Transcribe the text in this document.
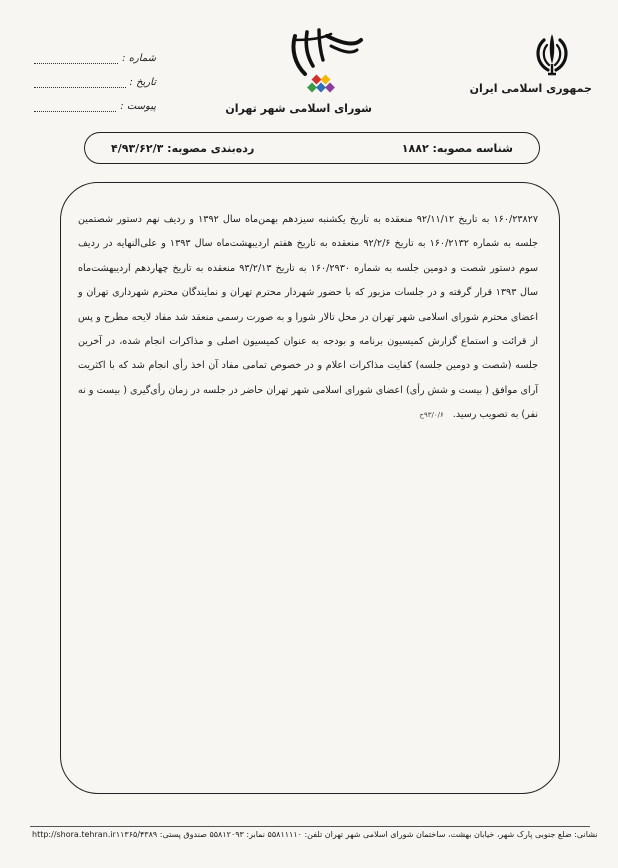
جمهوری اسلامی ایران
شورای اسلامی شهر تهران
شماره :
تاریخ :
پیوست :
شناسه مصوبه: ۱۸۸۲
رده‌بندی مصوبه: ۴/۹۳/۶۲/۳
۱۶۰/۲۳۸۲۷ به تاریخ ۹۲/۱۱/۱۲ منعقده به تاریخ یکشنبه سیزدهم بهمن‌ماه سال ۱۳۹۲ و ردیف نهم دستور شصتمین جلسه به شماره ۱۶۰/۲۱۳۲ به تاریخ ۹۲/۲/۶ منعقده به تاریخ هفتم اردیبهشت‌ماه سال ۱۳۹۳ و علی‌النهایه در ردیف سوم دستور شصت و دومین جلسه به شماره ۱۶۰/۲۹۳۰ به تاریخ ۹۳/۲/۱۳ منعقده به تاریخ چهاردهم اردیبهشت‌ماه سال ۱۳۹۳ قرار گرفته و در جلسات مزبور که با حضور شهردار محترم تهران و نمایندگان محترم شهرداری تهران و اعضای محترم شورای اسلامی شهر تهران در محل تالار شورا و به صورت رسمی منعقد شد مفاد لایحه مطرح و پس از قرائت و استماع گزارش کمیسیون برنامه و بودجه به عنوان کمیسیون اصلی و مذاکرات انجام شده، در آخرین جلسه (شصت و دومین جلسه) کفایت مذاکرات اعلام و در خصوص تمامی مفاد آن اخذ رأی انجام شد که با اکثریت آرای موافق ( بیست و شش رأی) اعضای شورای اسلامی شهر تهران حاضر در جلسه در زمان رأی‌گیری ( بیست و نه نفر) به تصویب رسید. ۹۳/۰/۶ح
http://shora.tehran.ir نشانی: ضلع جنوبی پارک شهر، خیابان بهشت، ساختمان شورای اسلامی شهر تهران تلفن: ۵۵۸۱۱۱۱۰ نمابر: ۵۵۸۱۲۰۹۳ صندوق پستی: ۱۱۳۶۵/۴۳۸۹
